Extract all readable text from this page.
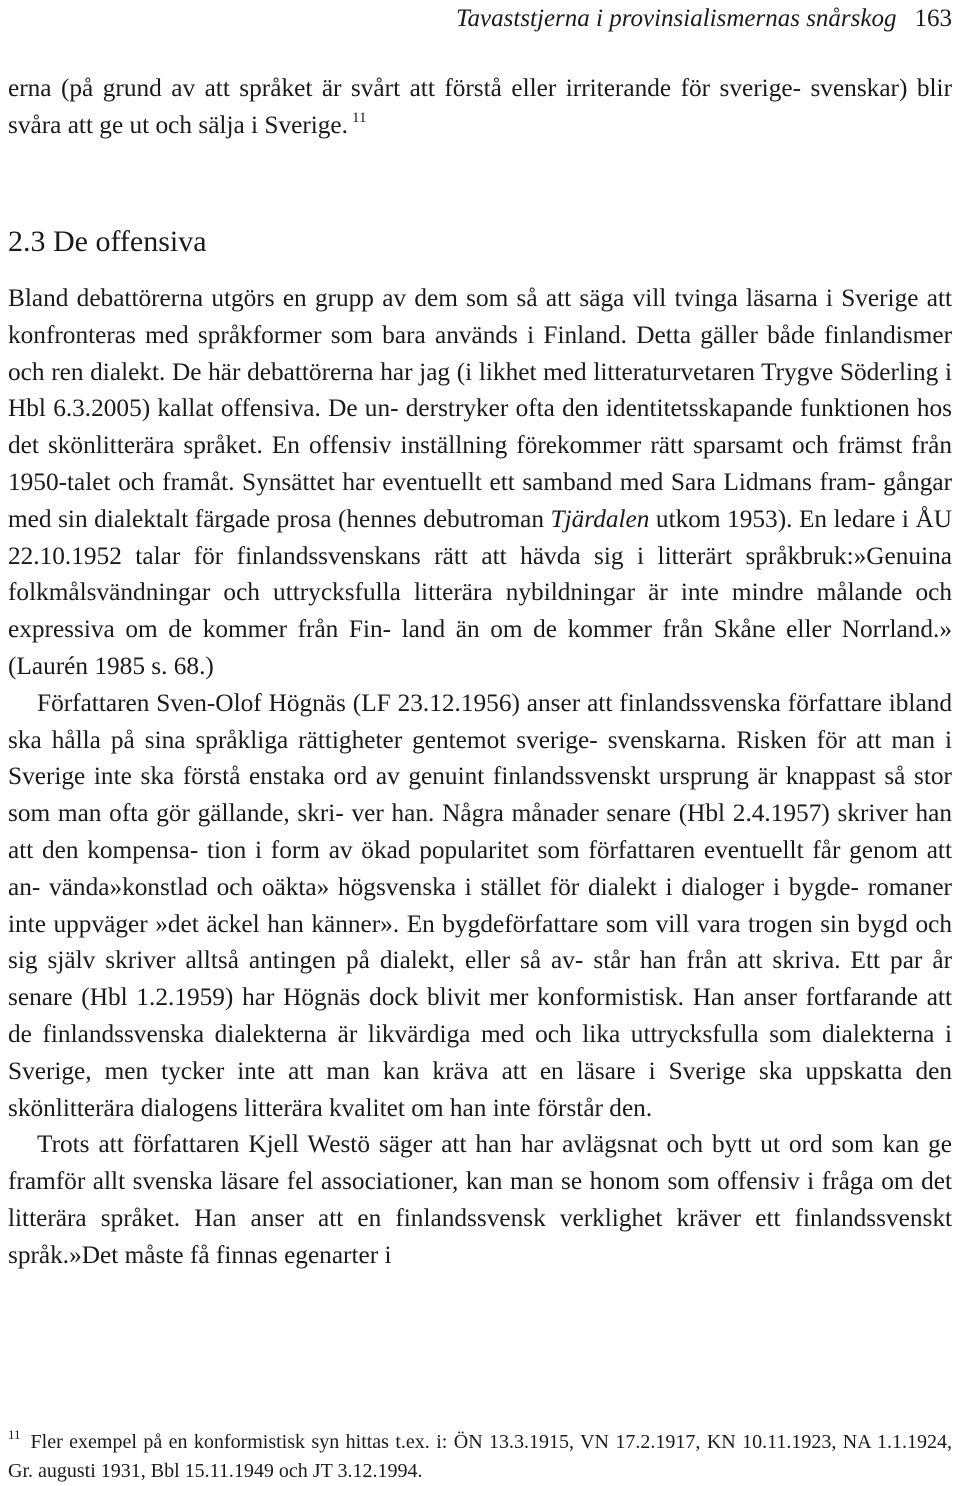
Tavaststjerna i provinsialismernas snårskog 163

erna (på grund av att språket är svårt att förstå eller irriterande för sverige- svenskar) blir svåra att ge ut och sälja i Sverige. $^{11}$

2.3 De offensiva

Bland debattörerna utgörs en grupp av dem som så att säga vill tvinga läsarna i Sverige att konfronteras med språkformer som bara används i Finland. Detta gäller både finlandismer och ren dialekt. De här debattörerna har jag (i likhet med litteraturvetaren Trygve Söderling i Hbl 6.3.2005) kallat offensiva. De un- derstryker ofta den identitetsskapande funktionen hos det skönlitterära språket. En offensiv inställning förekommer rätt sparsamt och främst från 1950-talet och framåt. Synsättet har eventuellt ett samband med Sara Lidmans fram- gångar med sin dialektalt färgade prosa (hennes debutroman Tjärdalen utkom 1953). En ledare i ÅU 22.10.1952 talar för finlandssvenskans rätt att hävda sig i litterärt språkbruk:»Genuina folkmålsvändningar och uttrycksfulla litterära nybildningar är inte mindre målande och expressiva om de kommer från Fin- land än om de kommer från Skåne eller Norrland.» (Laurén 1985 s. 68.)

Författaren Sven-Olof Högnäs (LF 23.12.1956) anser att finlandssvenska författare ibland ska hålla på sina språkliga rättigheter gentemot sverige- svenskarna. Risken för att man i Sverige inte ska förstå enstaka ord av genuint finlandssvenskt ursprung är knappast så stor som man ofta gör gällande, skri- ver han. Några månader senare (Hbl 2.4.1957) skriver han att den kompensa- tion i form av ökad popularitet som författaren eventuellt får genom att an- vända»konstlad och oäkta» högsvenska i stället för dialekt i dialoger i bygde- romaner inte uppväger »det äckel han känner». En bygdeförfattare som vill vara trogen sin bygd och sig själv skriver alltså antingen på dialekt, eller så av- står han från att skriva. Ett par år senare (Hbl 1.2.1959) har Högnäs dock blivit mer konformistisk. Han anser fortfarande att de finlandssvenska dialekterna är likvärdiga med och lika uttrycksfulla som dialekterna i Sverige, men tycker inte att man kan kräva att en läsare i Sverige ska uppskatta den skönlitterära dialogens litterära kvalitet om han inte förstår den.

Trots att författaren Kjell Westö säger att han har avlägsnat och bytt ut ord som kan ge framför allt svenska läsare fel associationer, kan man se honom som offensiv i fråga om det litterära språket. Han anser att en finlandssvensk verklighet kräver ett finlandssvenskt språk.»Det måste få finnas egenarter i

$^{11}$ Fler exempel på en konformistisk syn hittas t.ex. i: ÖN 13.3.1915, VN 17.2.1917, KN 10.11.1923, NA 1.1.1924, Gr. augusti 1931, Bbl 15.11.1949 och JT 3.12.1994.
